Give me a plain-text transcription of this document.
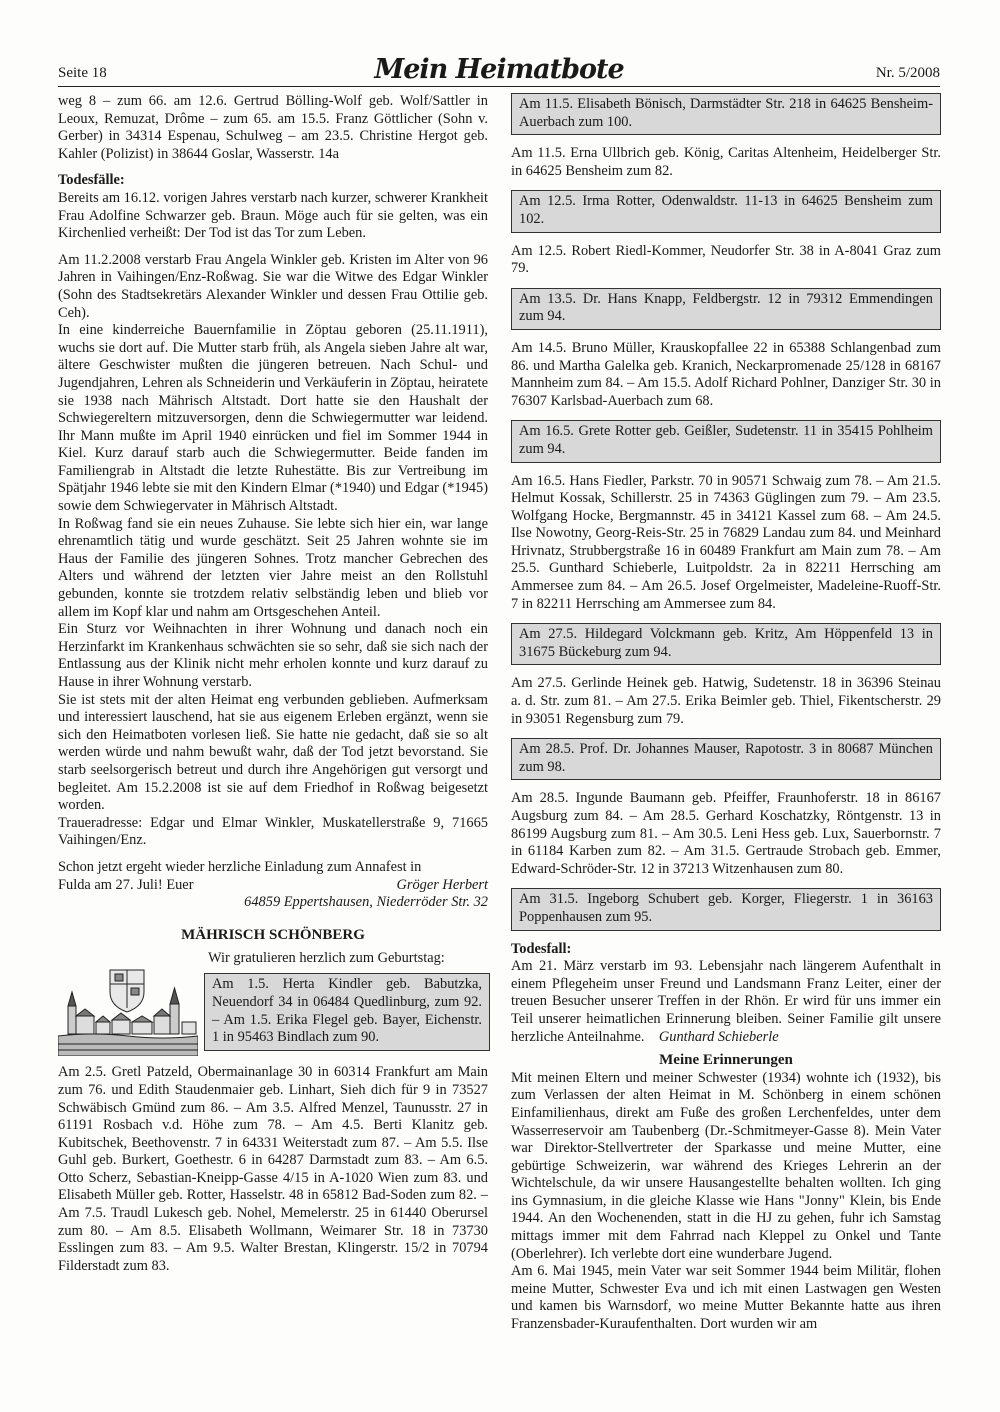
Seite 18	Mein Heimatbote	Nr. 5/2008

weg 8 – zum 66. am 12.6. Gertrud Bölling-Wolf geb. Wolf/Sattler in Leoux, Remuzat, Drôme – zum 65. am 15.5. Franz Göttlicher (Sohn v. Gerber) in 34314 Espenau, Schulweg – am 23.5. Christine Hergot geb. Kahler (Polizist) in 38644 Goslar, Wasserstr. 14a

Todesfälle:

Bereits am 16.12. vorigen Jahres verstarb nach kurzer, schwerer Krankheit Frau Adolfine Schwarzer geb. Braun. Möge auch für sie gelten, was ein Kirchenlied verheißt: Der Tod ist das Tor zum Leben.

Am 11.2.2008 verstarb Frau Angela Winkler geb. Kristen im Alter von 96 Jahren in Vaihingen/Enz-Roßwag. Sie war die Witwe des Edgar Winkler (Sohn des Stadtsekretärs Alexander Winkler und dessen Frau Ottilie geb. Ceh).

In eine kinderreiche Bauernfamilie in Zöptau geboren (25.11.1911), wuchs sie dort auf. Die Mutter starb früh, als Angela sieben Jahre alt war, ältere Geschwister mußten die jüngeren betreuen. Nach Schul- und Jugendjahren, Lehren als Schneiderin und Verkäuferin in Zöptau, heiratete sie 1938 nach Mährisch Altstadt. Dort hatte sie den Haushalt der Schwiegereltern mitzuversorgen, denn die Schwiegermutter war leidend. Ihr Mann mußte im April 1940 einrücken und fiel im Sommer 1944 in Kiel. Kurz darauf starb auch die Schwiegermutter. Beide fanden im Familiengrab in Altstadt die letzte Ruhestätte. Bis zur Vertreibung im Spätjahr 1946 lebte sie mit den Kindern Elmar (*1940) und Edgar (*1945) sowie dem Schwiegervater in Mährisch Altstadt.

In Roßwag fand sie ein neues Zuhause. Sie lebte sich hier ein, war lange ehrenamtlich tätig und wurde geschätzt. Seit 25 Jahren wohnte sie im Haus der Familie des jüngeren Sohnes. Trotz mancher Gebrechen des Alters und während der letzten vier Jahre meist an den Rollstuhl gebunden, konnte sie trotzdem relativ selbständig leben und blieb vor allem im Kopf klar und nahm am Ortsgeschehen Anteil.

Ein Sturz vor Weihnachten in ihrer Wohnung und danach noch ein Herzinfarkt im Krankenhaus schwächten sie so sehr, daß sie sich nach der Entlassung aus der Klinik nicht mehr erholen konnte und kurz darauf zu Hause in ihrer Wohnung verstarb.

Sie ist stets mit der alten Heimat eng verbunden geblieben. Aufmerksam und interessiert lauschend, hat sie aus eigenem Erleben ergänzt, wenn sie sich den Heimatboten vorlesen ließ. Sie hatte nie gedacht, daß sie so alt werden würde und nahm bewußt wahr, daß der Tod jetzt bevorstand. Sie starb seelsorgerisch betreut und durch ihre Angehörigen gut versorgt und begleitet. Am 15.2.2008 ist sie auf dem Friedhof in Roßwag beigesetzt worden.

Traueradresse: Edgar und Elmar Winkler, Muskatellerstraße 9, 71665 Vaihingen/Enz.

Schon jetzt ergeht wieder herzliche Einladung zum Annafest in

Fulda am 27. Juli! Euer	Gröger Herbert

64859 Eppertshausen, Niederröder Str. 32

MÄHRISCH SCHÖNBERG

Wir gratulieren herzlich zum Geburtstag:

Am 1.5. Herta Kindler geb. Babutzka, Neuendorf 34 in 06484 Quedlinburg, zum 92. – Am 1.5. Erika Flegel geb. Bayer, Eichenstr. 1 in 95463 Bindlach zum 90.

Am 2.5. Gretl Patzeld, Obermainanlage 30 in 60314 Frankfurt am Main zum 76. und Edith Staudenmaier geb. Linhart, Sieh dich für 9 in 73527 Schwäbisch Gmünd zum 86. – Am 3.5. Alfred Menzel, Taunusstr. 27 in 61191 Rosbach v.d. Höhe zum 78. – Am 4.5. Berti Klanitz geb. Kubitschek, Beethovenstr. 7 in 64331 Weiterstadt zum 87. – Am 5.5. Ilse Guhl geb. Burkert, Goethestr. 6 in 64287 Darmstadt zum 83. – Am 6.5. Otto Scherz, Sebastian-Kneipp-Gasse 4/15 in A-1020 Wien zum 83. und Elisabeth Müller geb. Rotter, Hasselstr. 48 in 65812 Bad-Soden zum 82. – Am 7.5. Traudl Lukesch geb. Nohel, Memelerstr. 25 in 61440 Oberursel zum 80. – Am 8.5. Elisabeth Wollmann, Weimarer Str. 18 in 73730 Esslingen zum 83. – Am 9.5. Walter Brestan, Klingerstr. 15/2 in 70794 Filderstadt zum 83.

Am 11.5. Elisabeth Bönisch, Darmstädter Str. 218 in 64625 Bensheim-Auerbach zum 100.

Am 11.5. Erna Ullbrich geb. König, Caritas Altenheim, Heidelberger Str. in 64625 Bensheim zum 82.

Am 12.5. Irma Rotter, Odenwaldstr. 11-13 in 64625 Bensheim zum 102.

Am 12.5. Robert Riedl-Kommer, Neudorfer Str. 38 in A-8041 Graz zum 79.

Am 13.5. Dr. Hans Knapp, Feldbergstr. 12 in 79312 Emmendingen zum 94.

Am 14.5. Bruno Müller, Krauskopfallee 22 in 65388 Schlangenbad zum 86. und Martha Galelka geb. Kranich, Neckarpromenade 25/128 in 68167 Mannheim zum 84. – Am 15.5. Adolf Richard Pohlner, Danziger Str. 30 in 76307 Karlsbad-Auerbach zum 68.

Am 16.5. Grete Rotter geb. Geißler, Sudetenstr. 11 in 35415 Pohlheim zum 94.

Am 16.5. Hans Fiedler, Parkstr. 70 in 90571 Schwaig zum 78. – Am 21.5. Helmut Kossak, Schillerstr. 25 in 74363 Güglingen zum 79. – Am 23.5. Wolfgang Hocke, Bergmannstr. 45 in 34121 Kassel zum 68. – Am 24.5. Ilse Nowotny, Georg-Reis-Str. 25 in 76829 Landau zum 84. und Meinhard Hrivnatz, Strubbergstraße 16 in 60489 Frankfurt am Main zum 78. – Am 25.5. Gunthard Schieberle, Luitpoldstr. 2a in 82211 Herrsching am Ammersee zum 84. – Am 26.5. Josef Orgelmeister, Madeleine-Ruoff-Str. 7 in 82211 Herrsching am Ammersee zum 84.

Am 27.5. Hildegard Volckmann geb. Kritz, Am Höppenfeld 13 in 31675 Bückeburg zum 94.

Am 27.5. Gerlinde Heinek geb. Hatwig, Sudetenstr. 18 in 36396 Steinau a. d. Str. zum 81. – Am 27.5. Erika Beimler geb. Thiel, Fikentscherstr. 29 in 93051 Regensburg zum 79.

Am 28.5. Prof. Dr. Johannes Mauser, Rapotostr. 3 in 80687 München zum 98.

Am 28.5. Ingunde Baumann geb. Pfeiffer, Fraunhoferstr. 18 in 86167 Augsburg zum 84. – Am 28.5. Gerhard Koschatzky, Röntgenstr. 13 in 86199 Augsburg zum 81. – Am 30.5. Leni Hess geb. Lux, Sauerbornstr. 7 in 61184 Karben zum 82. – Am 31.5. Gertraude Strobach geb. Emmer, Edward-Schröder-Str. 12 in 37213 Witzenhausen zum 80.

Am 31.5. Ingeborg Schubert geb. Korger, Fliegerstr. 1 in 36163 Poppenhausen zum 95.

Todesfall:

Am 21. März verstarb im 93. Lebensjahr nach längerem Aufenthalt in einem Pflegeheim unser Freund und Landsmann Franz Leiter, einer der treuen Besucher unserer Treffen in der Rhön. Er wird für uns immer ein Teil unserer heimatlichen Erinnerung bleiben. Seiner Familie gilt unsere herzliche Anteilnahme. Gunthard Schieberle

Meine Erinnerungen

Mit meinen Eltern und meiner Schwester (1934) wohnte ich (1932), bis zum Verlassen der alten Heimat in M. Schönberg in einem schönen Einfamilienhaus, direkt am Fuße des großen Lerchenfeldes, unter dem Wasserreservoir am Taubenberg (Dr.-Schmitmeyer-Gasse 8). Mein Vater war Direktor-Stellvertreter der Sparkasse und meine Mutter, eine gebürtige Schweizerin, war während des Krieges Lehrerin an der Wichtelschule, da wir unsere Hausangestellte behalten wollten. Ich ging ins Gymnasium, in die gleiche Klasse wie Hans "Jonny" Klein, bis Ende 1944. An den Wochenenden, statt in die HJ zu gehen, fuhr ich Samstag mittags immer mit dem Fahrrad nach Kleppel zu Onkel und Tante (Oberlehrer). Ich verlebte dort eine wunderbare Jugend.

Am 6. Mai 1945, mein Vater war seit Sommer 1944 beim Militär, flohen meine Mutter, Schwester Eva und ich mit einen Lastwagen gen Westen und kamen bis Warnsdorf, wo meine Mutter Bekannte hatte aus ihren Franzensbader-Kuraufenthalten. Dort wurden wir am
